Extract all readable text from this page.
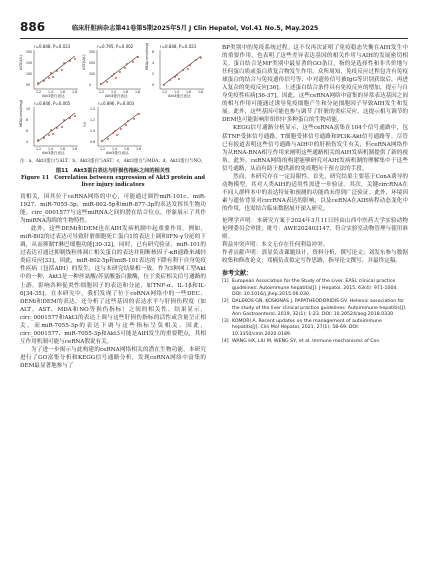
886	临床肝胆病杂志第41卷第5期2025年5月 J Clin Hepatol, Vol.41 No.5, May.2025
r=0.848, P=0.023
ALT(U/L)
Akt3蛋白表达
1.2 1.4 1.6 1.8
200
150
100
50
r=0.795, P=0.002
AST(U/L)
Akt3蛋白表达
1.2 1.4 1.6 1.8
300
200
100
0
r=0.848, P=0.023
MDA(nmol/mg)
Akt3蛋白表达
1.2 1.4 1.6 1.8
6
4
2
0
r=0.846, P=0.005
MDA(nmol/mg)
Akt3蛋白表达
1.2 1.4 1.6 1.8
10
8
6
4
r=0.896, P=0.003
Y-0
Akt3蛋白表达
1.2 1.4 1.6 1.8
1.4
1.2
1.0
0.8
注：a，Akt3蛋白与ALT；b，Akt3蛋白与AST；c，Akt3蛋白与MDA；d，Akt3蛋白与NO。
图11　Akt3蛋白表达与肝损伤指标之间的相关性
Figure 11　Correlation between expression of Akt3 protein and liver injury indicators

切相关，因其位于ceRNA网络的中心，可能通过调控miR-101c、miR-1927、miR-7055-3p、miR-802-5p和miR-877-3p的表达发挥其生物功能。circ_0001577与这些miRNA之间的潜在结合位点，形象展示了其作为miRNA海绵的生物特性。

此外，这些DEMi和DEM也在AIH发病机制中起重要作用。例如，miR-802的过表达可导致肝脏细胞死亡蛋白1的表达上调和IFN-γ分泌的下调，从而抑制T淋巴细胞功能[30-32]。同时，已有研究验证，miR-101的过表达可通过抑制线粒体凋亡相关蛋白的表达并阻断核因子-κB通路来减轻炎症反应[33]。因此，miR-802-5p和miR-101表达的下降有利于自身免疫性疾病（包括AIH）的发生，这与本研究结果相一致。作为3种网工型Akt中的一种，Akt3是一种丝氨酸/苏氨酸蛋白激酶，位于炎症相关信号通路的上游，影响各种促炎性细胞因子的表达和分泌，如TNF-α、IL-1β和IL-6[34-35]。在本研究中，我们发现了位于ceRNA网络中的一些DEC、DEMi和DEM的表达，还分析了这些基因的表达水平与肝损伤程度（如ALT、AST、MDA和NO等损伤指标）之间的相关性。结果显示，circ_0001577和Akt3的表达上调与这些肝损伤指标的活性或含量呈正相关，而miR-7055-3p的表达下调与这些指标呈负相关。因此，circ_0001577、miR-7055-3p和Akt3可能是AIH发生的重要靶点，其相互作用机制可能与ceRNA假说有关。

为了进一步揭示与此构建的ceRNA网络相关的潜在生物功能，本研究进行了GO富集分析和KEGG信号通路分析，发现ceRNA网络中富集的DEM最显著地参与了

BP类别中的免疫系统过程。这不仅再次证明了免疫稳态失衡在AIH发生中的重要作用，也表明了这些差异表达基因的相关作用与AIH的发展密切相关。蛋白结合是MF类别中最显著的GO条目，指的是选择性和非共价地与任何蛋白质或蛋白质复合物发生作用。众所周知，免疫反应过程包含有免疫球蛋白的结合与免疫遗传信号等，中对遗传信号被IgG等识别获取后，再进入复杂的免疫反应[36]。上述蛋白结合条件具有免疫反应的增加，提示与自身免疫性疾病[36-37]。因此，这些ceRNA网络中富集的异常表达基因之间的相互作用可能通过诱导免疫细胞产生和分泌细胞因子导致AIH发生和发展。此外，这些基因可能也参与调节了肝脏的炎症反应，这提示相互调节的DEM也可能影响肝组织中多种蛋白的生物功能。

KEGG信号通路分析显示，这些ceRNA富集在104个信号通路中，包括TNF受体信号通路，T细胞受体信号通路和PI3K-Akt信号通路等。尽管已有报道表明这些信号通路与AIH中的肝损伤发生有关，但ceRNA网络作为从RNA-RNA相互作用来阐明这些通路相关的AIH发病机制提供了新的视角。此外，ceRNA网络的构建能够研究对AIH发病机制的理解集中于这些信号通路，从而有助于提供新的免疫靶向干预方法的手段。

然而，本研究存在一定局限性。首先，研究结果主要基于ConA诱导的动物模型，其对人类AIH的适用性需进一步验证。其次，关键circRNA在不同人群样本中的表达特征和预测的功能尚未得到广泛验证。此外，环境因素与遗传背景对circRNA表达的影响，以及ceRNA在AIH病程动态变化中的作用，也需结合临床数据展开深入研究。

伦理学声明：本研究方案于2024年3月11日经由山西中医药大学实验动物伦理委员会审批，批号：AWE202403147，符合实验室动物管理与使用准则。

利益冲突声明：本文无存在任何利益冲突。

作者贡献声明：郭显负责课题设计，资料分析，撰写论文；刘发东参与数据收集和修改论文；邓楠负责拟定写作思路，指导论文撰写，并最终定稿。

参考文献：
[1] European Association for the Study of the Liver. EASL clinical practice guidelines: Autoimmune hepatitis[J]. J Hepatol, 2015, 63(4): 971-1004. DOI: 10.1016/j.jhep.2015.06.030.
[2] DALEKOS GN, KOSKINAS J, PAPATHEODORIDIS GV. Hellenic association for the study of the liver clinical practice guidelines: Autoimmune hepatitis[J]. Ann Gastroenterol, 2019, 32(1): 1-23. DOI: 10.20524/aog.2018.0330.
[3] KOMORI A. Recent updates on the management of autoimmune hepatitis[J]. Clin Mol Hepatol, 2021, 27(1): 58-69. DOI: 10.3350/cmh.2020.0189.
[4] WANG HX, LIU M, WENG SY, et al. Immune mechanisms of Con
